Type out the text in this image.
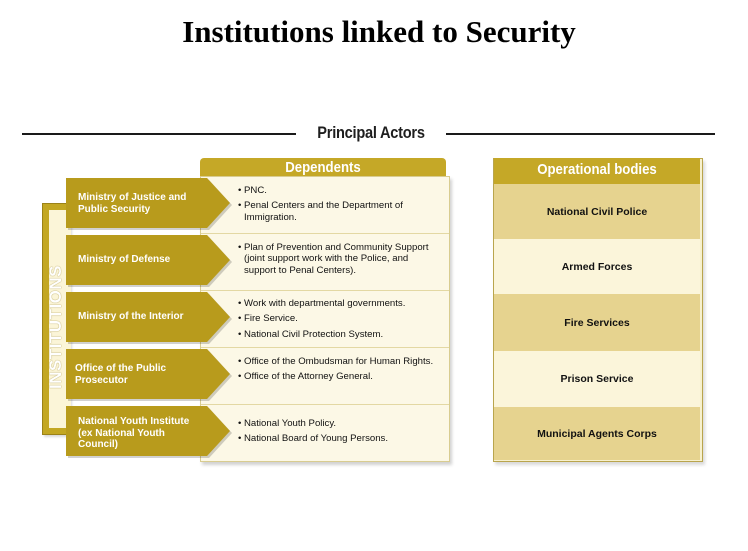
Institutions linked to Security
Principal Actors
INSTITUTIONS
Dependents
• PNC.
• Penal Centers and the Department of Immigration.
• Plan of Prevention and Community Support (joint support work with the Police, and support to Penal Centers).
• Work with departmental governments.
• Fire Service.
• National Civil Protection System.
• Office of the Ombudsman for Human Rights.
• Office of the Attorney General.
• National Youth Policy.
• National Board of Young Persons.
Ministry of Justice and Public Security
Ministry of Defense
Ministry of the Interior
Office of the Public Prosecutor
National Youth Institute (ex National Youth Council)
Operational bodies
National Civil Police
Armed Forces
Fire Services
Prison Service
Municipal Agents Corps
